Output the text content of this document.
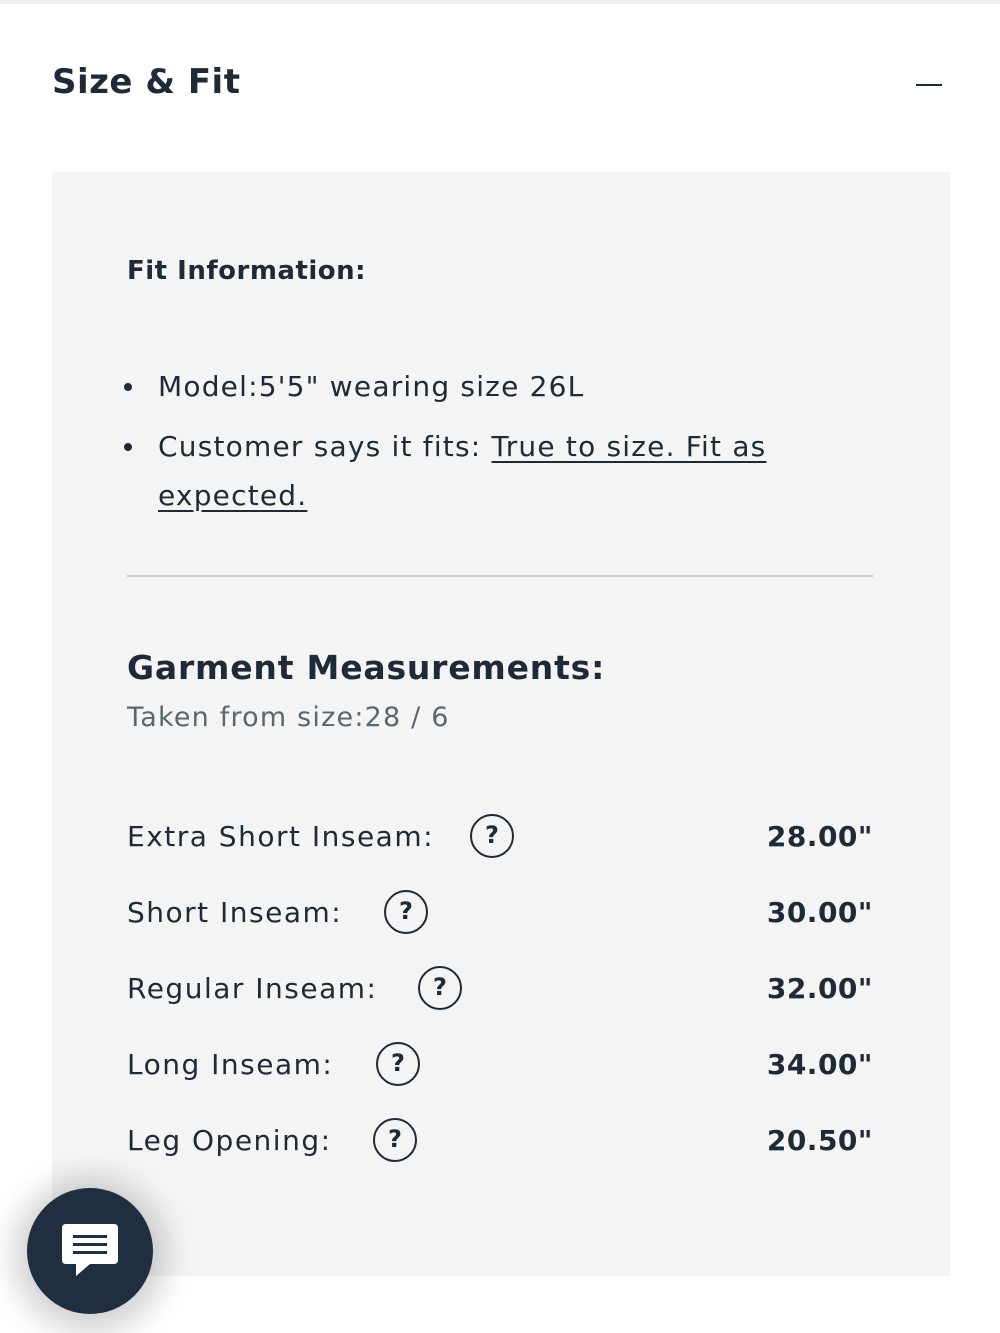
Size & Fit
Fit Information:
Model:5'5" wearing size 26L
Customer says it fits: True to size. Fit as expected.
Garment Measurements:
Taken from size:28 / 6
Extra Short Inseam:	?	28.00"
Short Inseam:	?	30.00"
Regular Inseam:	?	32.00"
Long Inseam:	?	34.00"
Leg Opening:	?	20.50"
